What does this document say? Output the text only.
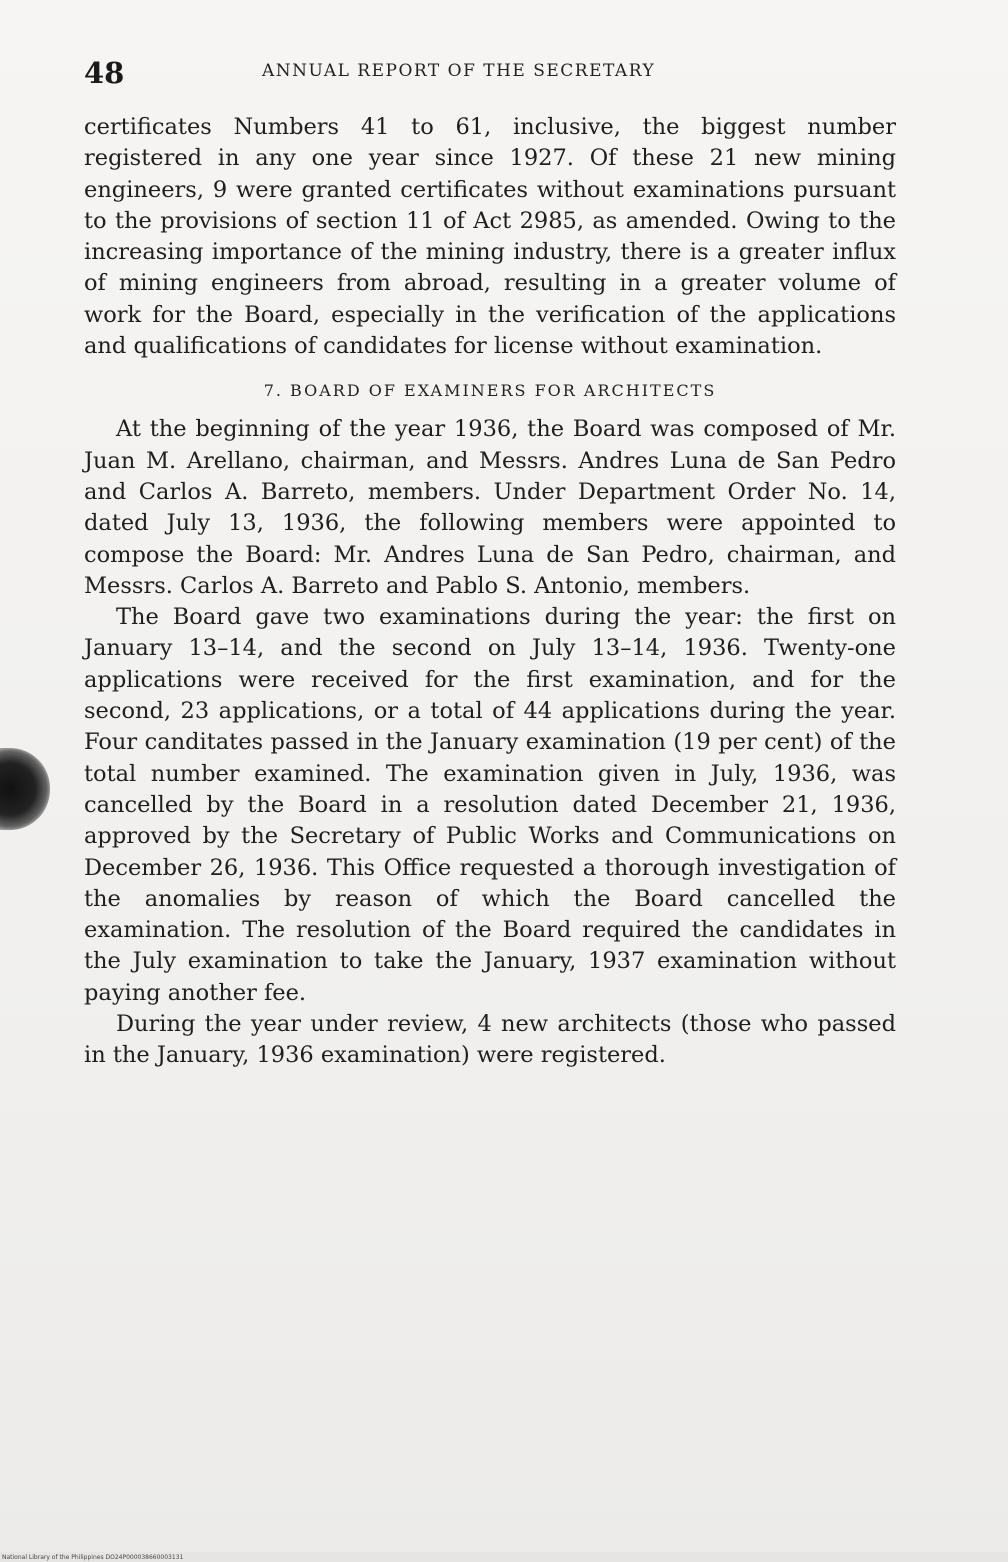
48	ANNUAL REPORT OF THE SECRETARY

certificates Numbers 41 to 61, inclusive, the biggest number registered in any one year since 1927. Of these 21 new mining engineers, 9 were granted certificates without examinations pursuant to the provisions of section 11 of Act 2985, as amended. Owing to the increasing importance of the mining industry, there is a greater influx of mining engineers from abroad, resulting in a greater volume of work for the Board, especially in the verification of the applications and qualifications of candidates for license without examination.

7. BOARD OF EXAMINERS FOR ARCHITECTS

At the beginning of the year 1936, the Board was composed of Mr. Juan M. Arellano, chairman, and Messrs. Andres Luna de San Pedro and Carlos A. Barreto, members. Under Department Order No. 14, dated July 13, 1936, the following members were appointed to compose the Board: Mr. Andres Luna de San Pedro, chairman, and Messrs. Carlos A. Barreto and Pablo S. Antonio, members.

The Board gave two examinations during the year: the first on January 13–14, and the second on July 13–14, 1936. Twenty-one applications were received for the first examination, and for the second, 23 applications, or a total of 44 applications during the year. Four canditates passed in the January examination (19 per cent) of the total number examined. The examination given in July, 1936, was cancelled by the Board in a resolution dated December 21, 1936, approved by the Secretary of Public Works and Communications on December 26, 1936. This Office requested a thorough investigation of the anomalies by reason of which the Board cancelled the examination. The resolution of the Board required the candidates in the July examination to take the January, 1937 examination without paying another fee.

During the year under review, 4 new architects (those who passed in the January, 1936 examination) were registered.

National Library of the Philippines DO24P000038660003131
